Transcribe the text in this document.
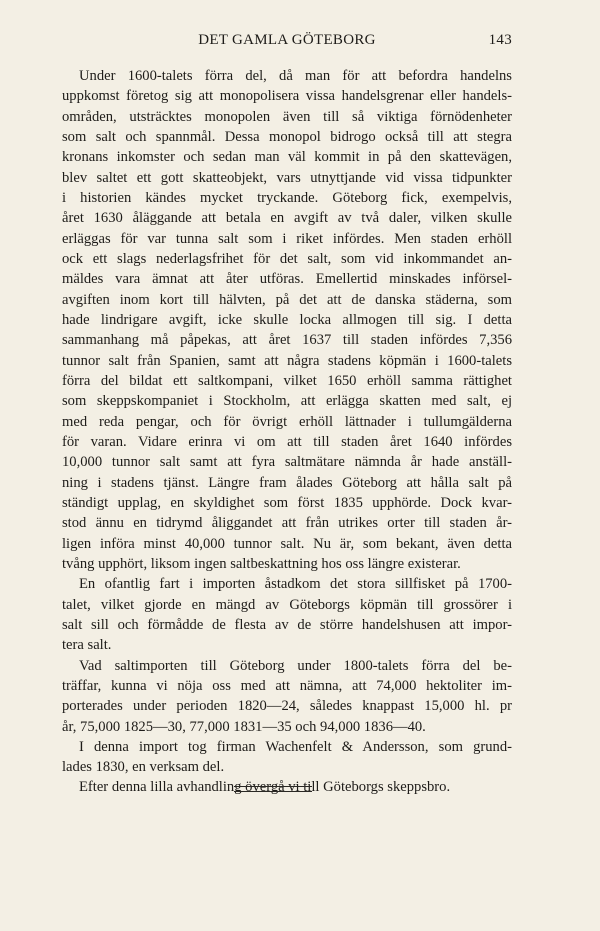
DET GAMLA GÖTEBORG	143
Under 1600-talets förra del, då man för att befordra handelns
uppkomst företog sig att monopolisera vissa handelsgrenar eller handels-
områden, utsträcktes monopolen även till så viktiga förnödenheter
som salt och spannmål. Dessa monopol bidrogo också till att stegra
kronans inkomster och sedan man väl kommit in på den skattevägen,
blev saltet ett gott skatteobjekt, vars utnyttjande vid vissa tidpunkter
i historien kändes mycket tryckande. Göteborg fick, exempelvis,
året 1630 åläggande att betala en avgift av två daler, vilken skulle
erläggas för var tunna salt som i riket infördes. Men staden erhöll
ock ett slags nederlagsfrihet för det salt, som vid inkommandet an-
mäldes vara ämnat att åter utföras. Emellertid minskades införsel-
avgiften inom kort till hälvten, på det att de danska städerna, som
hade lindrigare avgift, icke skulle locka allmogen till sig. I detta
sammanhang må påpekas, att året 1637 till staden infördes 7,356
tunnor salt från Spanien, samt att några stadens köpmän i 1600-talets
förra del bildat ett saltkompani, vilket 1650 erhöll samma rättighet
som skeppskompaniet i Stockholm, att erlägga skatten med salt, ej
med reda pengar, och för övrigt erhöll lättnader i tullumgälderna
för varan. Vidare erinra vi om att till staden året 1640 infördes
10,000 tunnor salt samt att fyra saltmätare nämnda år hade anställ-
ning i stadens tjänst. Längre fram ålades Göteborg att hålla salt på
ständigt upplag, en skyldighet som först 1835 upphörde. Dock kvar-
stod ännu en tidrymd åliggandet att från utrikes orter till staden år-
ligen införa minst 40,000 tunnor salt. Nu är, som bekant, även detta
tvång upphört, liksom ingen saltbeskattning hos oss längre existerar.
En ofantlig fart i importen åstadkom det stora sillfisket på 1700-
talet, vilket gjorde en mängd av Göteborgs köpmän till grossörer i
salt sill och förmådde de flesta av de större handelshusen att impor-
tera salt.
Vad saltimporten till Göteborg under 1800-talets förra del be-
träffar, kunna vi nöja oss med att nämna, att 74,000 hektoliter im-
porterades under perioden 1820—24, således knappast 15,000 hl. pr
år, 75,000 1825—30, 77,000 1831—35 och 94,000 1836—40.
I denna import tog firman Wachenfelt & Andersson, som grund-
lades 1830, en verksam del.
Efter denna lilla avhandling övergå vi till Göteborgs skeppsbro.
